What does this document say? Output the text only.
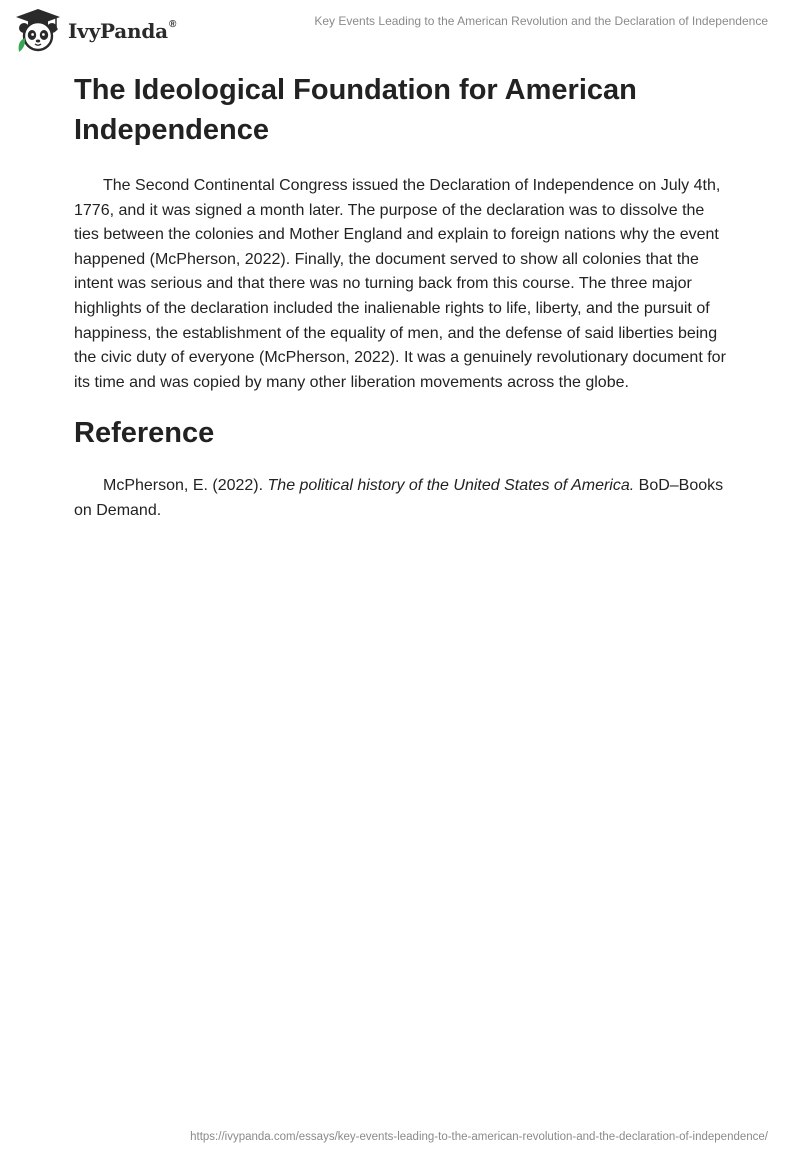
IvyPanda®	Key Events Leading to the American Revolution and the Declaration of Independence
The Ideological Foundation for American Independence

The Second Continental Congress issued the Declaration of Independence on July 4th, 1776, and it was signed a month later. The purpose of the declaration was to dissolve the ties between the colonies and Mother England and explain to foreign nations why the event happened (McPherson, 2022). Finally, the document served to show all colonies that the intent was serious and that there was no turning back from this course. The three major highlights of the declaration included the inalienable rights to life, liberty, and the pursuit of happiness, the establishment of the equality of men, and the defense of said liberties being the civic duty of everyone (McPherson, 2022). It was a genuinely revolutionary document for its time and was copied by many other liberation movements across the globe.

Reference

McPherson, E. (2022). The political history of the United States of America. BoD–Books on Demand.

https://ivypanda.com/essays/key-events-leading-to-the-american-revolution-and-the-declaration-of-independence/
